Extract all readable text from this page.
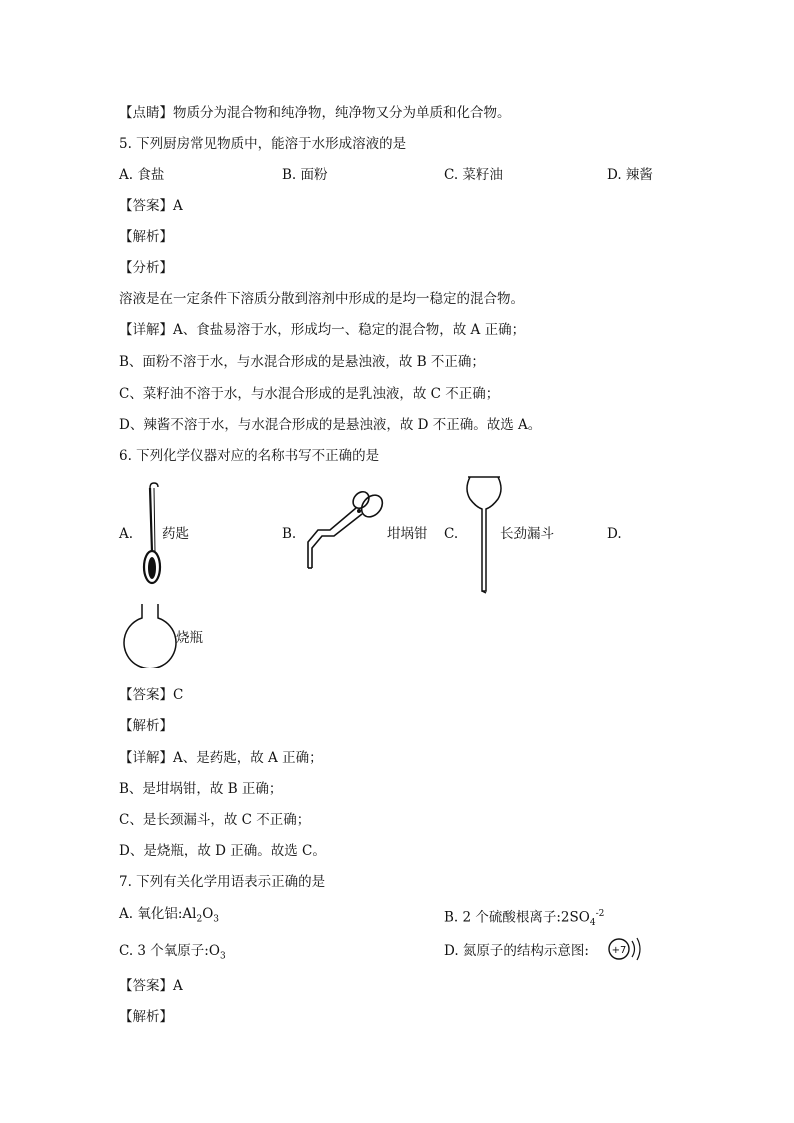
【点睛】物质分为混合物和纯净物，纯净物又分为单质和化合物。
5. 下列厨房常见物质中，能溶于水形成溶液的是
A. 食盐	B. 面粉	C. 菜籽油	D. 辣酱
【答案】A
【解析】
【分析】
溶液是在一定条件下溶质分散到溶剂中形成的是均一稳定的混合物。
【详解】A、食盐易溶于水，形成均一、稳定的混合物，故 A 正确；
B、面粉不溶于水，与水混合形成的是悬浊液，故 B 不正确；
C、菜籽油不溶于水，与水混合形成的是乳浊液，故 C 不正确；
D、辣酱不溶于水，与水混合形成的是悬浊液，故 D 不正确。故选 A。
6. 下列化学仪器对应的名称书写不正确的是
A. 药匙	B.	坩埚钳 C.	长劲漏斗	D.
烧瓶
【答案】C
【解析】
【详解】A、是药匙，故 A 正确；
B、是坩埚钳，故 B 正确；
C、是长颈漏斗，故 C 不正确；
D、是烧瓶，故 D 正确。故选 C。
7. 下列有关化学用语表示正确的是
A. 氧化铝$:Al_2O_3$	B. 2 个硫酸根离子$:2SO_4^{-2}$
C. 3 个氧原子$:O_3$	D. 氮原子的结构示意图: +7
【答案】A
【解析】
